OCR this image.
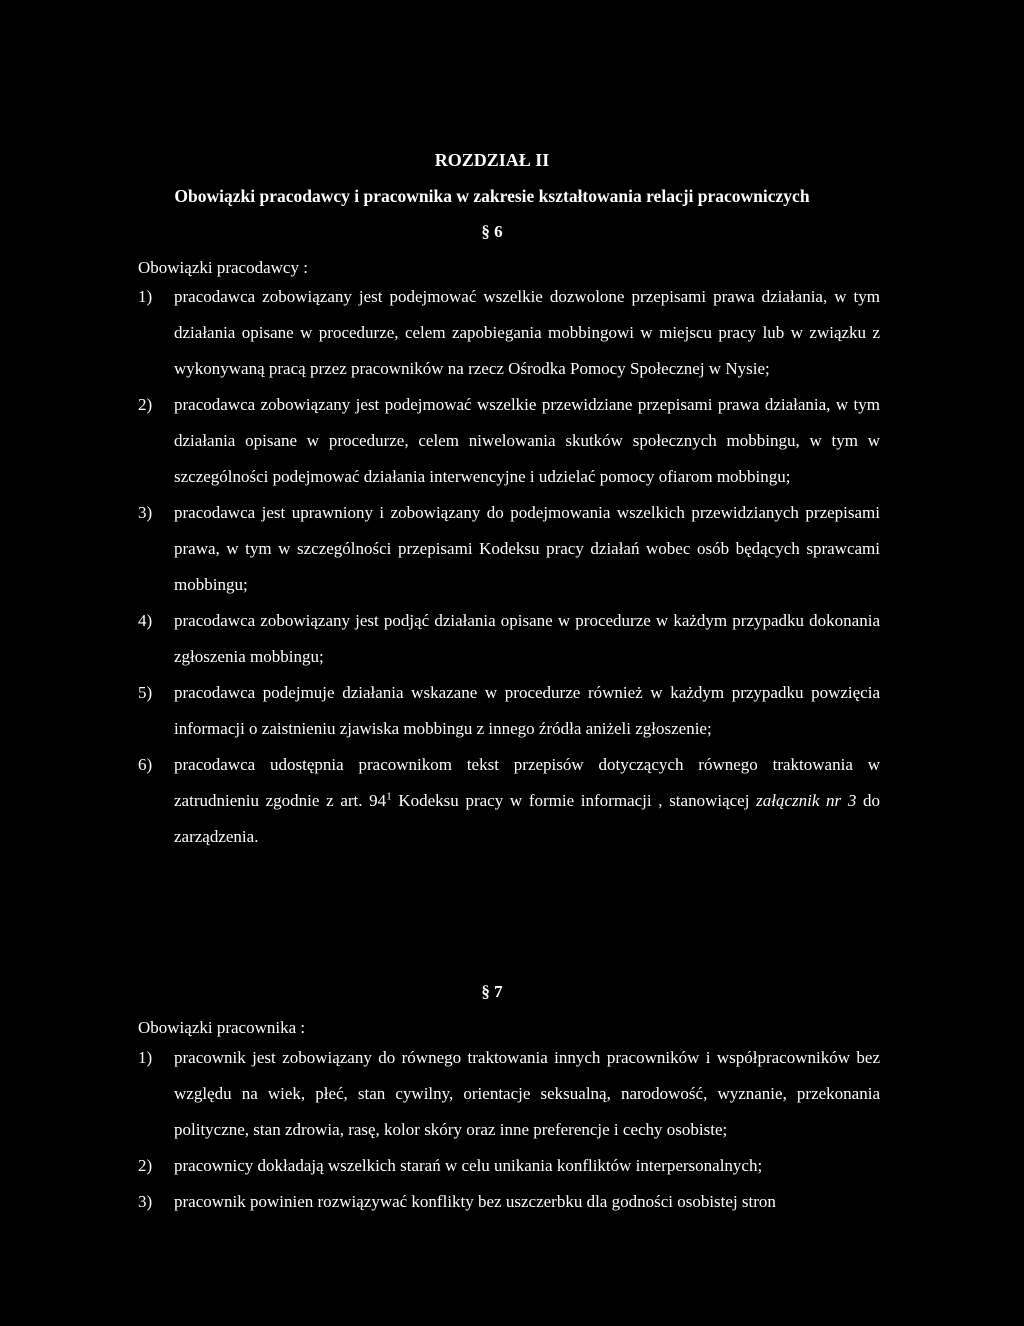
ROZDZIAŁ II
Obowiązki pracodawcy i pracownika w zakresie kształtowania relacji pracowniczych
§ 6
Obowiązki pracodawcy :
1) pracodawca zobowiązany jest podejmować wszelkie dozwolone przepisami prawa działania, w tym działania opisane w procedurze, celem zapobiegania mobbingowi w miejscu pracy lub w związku z wykonywaną pracą przez pracowników na rzecz Ośrodka Pomocy Społecznej w Nysie;
2) pracodawca zobowiązany jest podejmować wszelkie przewidziane przepisami prawa działania, w tym działania opisane w procedurze, celem niwelowania skutków społecznych mobbingu, w tym w szczególności podejmować działania interwencyjne i udzielać pomocy ofiarom mobbingu;
3) pracodawca jest uprawniony i zobowiązany do podejmowania wszelkich przewidzianych przepisami prawa, w tym w szczególności przepisami Kodeksu pracy działań wobec osób będących sprawcami mobbingu;
4) pracodawca zobowiązany jest podjąć działania opisane w procedurze w każdym przypadku dokonania zgłoszenia mobbingu;
5) pracodawca podejmuje działania wskazane w procedurze również w każdym przypadku powzięcia informacji o zaistnieniu zjawiska mobbingu z innego źródła aniżeli zgłoszenie;
6) pracodawca udostępnia pracownikom tekst przepisów dotyczących równego traktowania w zatrudnieniu zgodnie z art. $94^1$ Kodeksu pracy w formie informacji , stanowiącej załącznik nr 3 do zarządzenia.
§ 7
Obowiązki pracownika :
1) pracownik jest zobowiązany do równego traktowania innych pracowników i współpracowników bez względu na wiek, płeć, stan cywilny, orientacje seksualną, narodowość, wyznanie, przekonania polityczne, stan zdrowia, rasę, kolor skóry oraz inne preferencje i cechy osobiste;
2) pracownicy dokładają wszelkich starań w celu unikania konfliktów interpersonalnych;
3) pracownik powinien rozwiązywać konflikty bez uszczerbku dla godności osobistej stron
